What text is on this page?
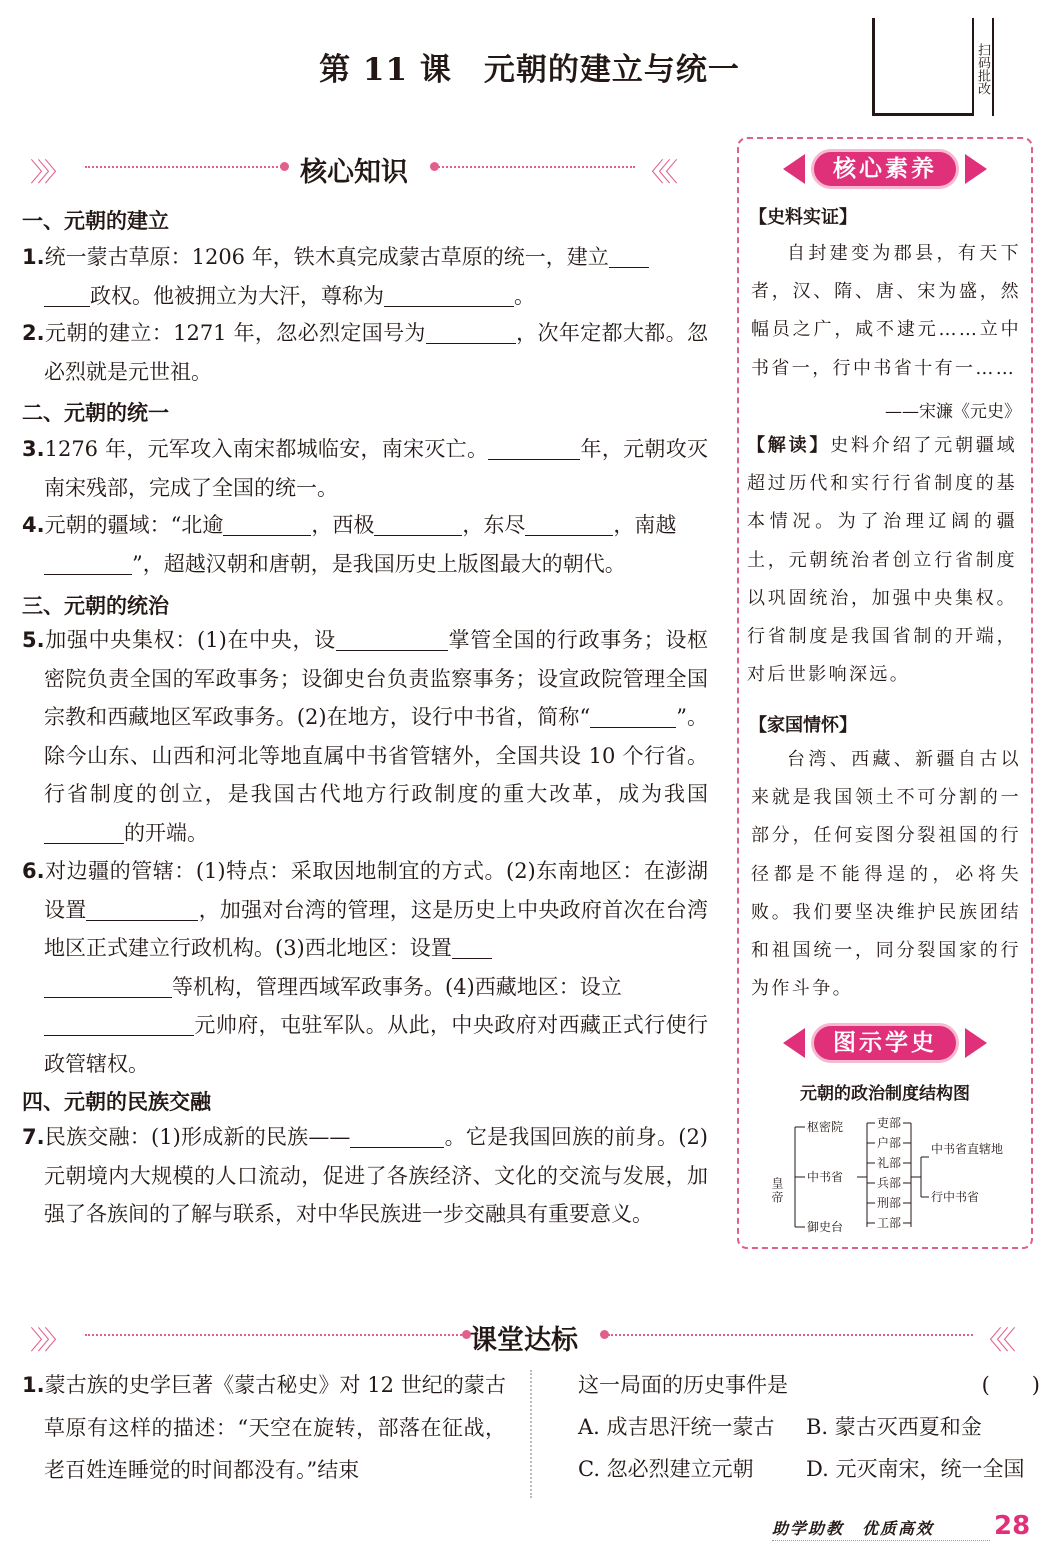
第 11 课　元朝的建立与统一	扫码批改
〉〉〉	核心知识	〈〈〈
一、元朝的建立
1.统一蒙古草原：1206 年，铁木真完成蒙古草原的统一，建立
政权。他被拥立为大汗，尊称为	。
2.元朝的建立：1271 年，忽必烈定国号为	，次年定都大都。忽必烈就是元世祖。
二、元朝的统一
3.1276 年，元军攻入南宋都城临安，南宋灭亡。	年，元朝攻灭南宋残部，完成了全国的统一。
4.元朝的疆域：“北逾	，西极	，东尽	，南越
”，超越汉朝和唐朝，是我国历史上版图最大的朝代。
三、元朝的统治
5.加强中央集权：(1)在中央，设	掌管全国的行政事务；设枢密院负责全国的军政事务；设御史台负责监察事务；设宣政院管理全国宗教和西藏地区军政事务。(2)在地方，设行中书省，简称“	”。除今山东、山西和河北等地直属中书省管辖外，全国共设 10 个行省。行省制度的创立，是我国古代地方行政制度的重大改革，成为我国的开端。
6.对边疆的管辖：(1)特点：采取因地制宜的方式。(2)东南地区：在澎湖设置	，加强对台湾的管理，这是历史上中央政府首次在台湾地区正式建立行政机构。(3)西北地区：设置
等机构，管理西域军政事务。(4)西藏地区：设立
元帅府，屯驻军队。从此，中央政府对西藏正式行使行政管辖权。
四、元朝的民族交融
7.民族交融：(1)形成新的民族——	。它是我国回族的前身。(2)元朝境内大规模的人口流动，促进了各族经济、文化的交流与发展，加强了各族间的了解与联系，对中华民族进一步交融具有重要意义。
核心素养
【史料实证】
自封建变为郡县，有天下者，汉、隋、唐、宋为盛，然幅员之广，咸不逮元……立中书省一，行中书省十有一……
——宋濂《元史》
【解读】史料介绍了元朝疆域超过历代和实行行省制度的基本情况。为了治理辽阔的疆土，元朝统治者创立行省制度以巩固统治，加强中央集权。行省制度是我国省制的开端，对后世影响深远。
【家国情怀】
台湾、西藏、新疆自古以来就是我国领土不可分割的一部分，任何妄图分裂祖国的行径都是不能得逞的，必将失败。我们要坚决维护民族团结和祖国统一，同分裂国家的行为作斗争。
图示学史
元朝的政治制度结构图
皇帝
枢密院
中书省
御史台
吏部
户部
礼部
兵部
刑部
工部
中书省直辖地
行中书省
〉〉〉	课堂达标	〈〈〈
1.蒙古族的史学巨著《蒙古秘史》对 12 世纪的蒙古草原有这样的描述：“天空在旋转，部落在征战，老百姓连睡觉的时间都没有。”结束
这一局面的历史事件是	(　　)
A. 成吉思汗统一蒙古 B. 蒙古灭西夏和金
C. 忽必烈建立元朝 D. 元灭南宋，统一全国
助学助教　优质高效 28
